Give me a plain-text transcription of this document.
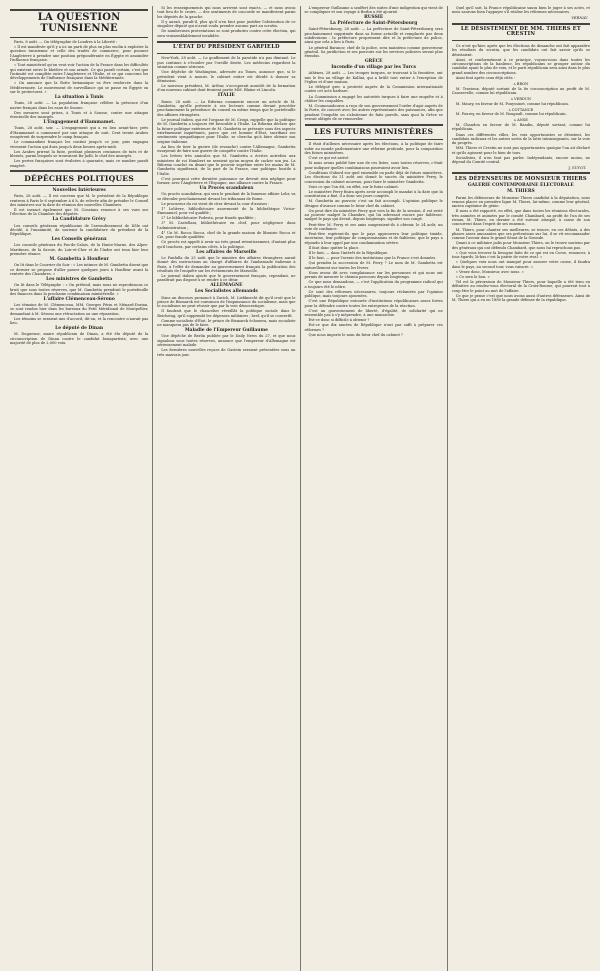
LA QUESTION TUNISIENNE

Paris, 8 août. — On télégraphie de Londres à la Liberté :

« Il est manifeste qu'il y a ici un parti de plus en plus enclin à exploiter la question tunisienne et celle des traités de commerce, pour pousser l'Angleterre à prendre une position prépondérante en Égypte et amoindrir l'influence française.

« Tout ministériel qu'on veut voir l'action de la France dans les difficultés qui existent entre le khédive et son armée. Ce qui paraît certain, c'est que l'intimité est complète entre l'Angleterre et l'Italie, et ce qui concerne les développements de l'influence française dans la Méditerranée.

« On annonce que la flotte britannique va être renforcée dans la Méditerranée. Le mouvement de surveillance qui se passe en Égypte ou sur le protectorat. »

La situation à Tunis

Tunis, 28 août. — La population française célèbre la présence d'un navire français dans les eaux de Sousse.

Des mesures sont prises, à Tunis et à Sousse, contre une attaque éventuelle des insurgés.

L'Engagement d'Hammamet.

Tunis, 28 août, soir. — L'engagement qui a eu lieu avant-hier, près d'Hammamet a commencé par une attaque de nuit. Cent trente Arabes essayèrent de surprendre le camp français.

Le commandant français les contint jusqu'à ce jour, puis engagea vivement l'action qui dura jusqu'à deux heures après-midi.

Les Arabes prirent la fuite, perdant plusieurs centaines de tués et de blessés, parmi lesquels se trouvaient Ba-Jadli, le chef des insurgés.

Les pertes françaises sont évaluées à quarante, mais ce nombre paraît exagéré.

DÉPÊCHES POLITIQUES
Nouvelles Intérieures

Paris, 28 août. — Il est convenu que M. le président de la République rentrera à Paris le 6 septembre à 6 h. de relevée afin de présider le Conseil des ministres sur la date de réunion des nouvelles Chambres.

Il est inexact également que M. Constans renonce à ses vues sur l'élection de la Chambre des députés.

La Candidature Grévy

Les conseils généraux républicains de l'arrondissement de Dôle ont décidé, à l'unanimité, de soutenir la candidature du président de la République.

Les Conseils généraux

Les conseils généraux du Pas-de-Calais, de la Haute-Marne, des Alpes-Maritimes, de la Savoie, du Loir-et-Cher et de l'Indre ont tenu hier leur première séance.

M. Gambetta à Honfleur

On lit dans le Courrier du Soir : « Les intimes de M. Gambetta disent que ce dernier se propose d'aller passer quelques jours à Honfleur avant la rentrée des Chambres. »

Les ministres de Gambetta

On lit dans le Télégraphe : « On prétend, mais nous ne reproduisons ce bruit que sous toutes réserves, que M. Gambetta prendrait le portefeuille des finances dans la prochaine combinaison ministérielle. »

L'affaire Clémenceau-Sérono

Les témoins de M. Clémenceau, MM. Georges Périn et Ménard-Dorian, se sont rendus hier dans les bureaux du Petit Méridional de Montpellier, demandant à M. Sérono une rétractation ou une réparation.

Les témoins se seraient mis d'accord, dit-on, et la rencontre n'aurait pas lieu.

Le député de Dinan

M. Duguesne, maire républicain de Dinan, a été élu député de la circonscription de Dinan contre le candidat bonapartiste, avec une majorité de plus de 2,000 voix.

Si les renseignements qui nous arrivent sont exacts, — et nous avons tout lieu de le croire, — des sentiments de concorde se manifestent parmi les députés de la gauche.

Il y aurait, paraît-il, plus qu'il n'en faut pour justifier l'abstention de ce singulier député qui n'avait voulu prendre aucune part au scrutin.

De nombreuses protestations se sont produites contre cette élection, qui sera vraisemblablement invalidée.

L'ÉTAT DU PRÉSIDENT GARFIELD

New-York, 28 août. — Le gonflement de la parotide n'a pas diminué. Le pus continue à s'écouler par l'oreille droite. Les médecins regardent la situation comme sérieuse.

Une dépêche de Washington, adressée au Times, annonce que, si le président vient à mourir, le cabinet entier est décidé à donner sa démission.

Le nouveau président, M. Arthur, s'occuperait aussitôt de la formation d'un nouveau cabinet dont feraient partie MM. Blaine et Lincoln.

ITALIE

Rome, 28 août. — La Riforma commente encore un article de M. Gambetta, qu'elle présente à ses lecteurs comme devant procéder prochainement la présidence du conseil en même temps que le portefeuille des affaires étrangères.

Le journal italien, qui est l'organe de M. Crispi, rappelle que la politique de M. Gambetta a toujours été favorable à l'Italie. La Riforma déclare que la future politique extérieure de M. Gambetta se présente sous des aspects extrêmement inquiétants, parce que cet homme d'État, sacrifiant ses sentiments sympathiques pour l'Italie, se chercha qu'à faire obtenir son origine italienne.

Au lieu de tirer la guerre (de revanche) contre l'Allemagne, Gambetta essayerait de faire une guerre de conquête contre l'Italie.

Les lettres très amicales que M. Gambetta a écrites autrefois aux ministres de roi Humbert ne seraient qu'un moyen de cacher son jeu. La Riforma conclut en disant que le pouvoir suprême entre les mains de M. Gambetta signifierait, de la part de la France, une politique hostile à l'Italie.

C'est pourquoi cette dernière puissance ne devrait rien négliger pour former, avec l'Angleterre et l'Espagne, une alliance contre la France.

Un Procès scandaleux

Un procès scandaleux, qui sera le pendant de la fameuse affaire Lebr, va se dérouler prochainement devant les tribunaux de Rome.

Le procureur du roi vient de citer devant la cour d'assises :

1° Lelièvre, bibliothécaire assermenté de la bibliothèque Victor-Emmanuel, pour vol qualifié ;

2° Le bibliothécaire Podesta, pour fraude qualifiée ;

3° M. Castellani, bibliothécaire en chef, pour négligence dans l'administration ;

4° Un M. Rocca Rocca, chef de la grande maison de librairie Rocca et Cie, pour fraude qualifiée.

Ce procès est appelé à avoir un très grand retentissement, d'autant plus qu'il touchera, par certains côtés, à la politique.

Les affaires de Marseille

Le Fanfulla du 25 août que le ministre des affaires étrangères aurait donné des instructions au chargé d'affaires de l'ambassade italienne à Paris, à l'effet de demander au gouvernement français la publication des résultats de l'enquête sur les événements de Marseille.

Le journal italien ajoute que le gouvernement français, cependant, ne paraîtrait pas disposé à se rendre à ce désir.

ALLEMAGNE
Les Socialistes allemands

Dans un discours prononcé à Zurich, M. Liebknecht dit qu'il croit que le prince de Bismarck est convaincu de l'impuissance du socialisme, mais que le socialisme ne peut réussir que par la voie démocratique.

Il faudrait que le chancelier réveillât la politique sociale dans le Reichstag, qu'il supprimât les dépenses militaires ; bref, qu'il se convertît.

Comme socialiste d'État, le prince de Bismarck échouera, mais socialiste ne manquera pas de le faire.

Maladie de l'Empereur Guillaume

Une dépêche de Berlin publiée par le Daily News du 27, et que nous signalons sous toutes réserves, annonce que l'empereur d'Allemagne est sérieusement malade.

Les dernières nouvelles reçues de Gastein seraient présentées sous un très mauvais jour.

L'empereur Guillaume a souffert des suites d'une indigestion qui vient de se compliquer et son voyage à Berlin a été ajourné.

RUSSIE
La Préfecture de Saint-Pétersbourg

Saint-Pétersbourg, 28 août. — La préfecture de Saint-Pétersbourg sera prochainement supprimée dans sa forme actuelle et remplacée par deux subdivisions : la préfecture proprement dite et la préfecture de police, ainsi que cela a lieu à Paris.

Le général Baranov, chef de la police, sera maintenu comme gouverneur général. Sa juridiction et ses pouvoirs sur les services policiers seront plus étendus.

GRÈCE
Incendie d'un village par les Turcs

Athènes, 28 août. — Les troupes turques, se trouvant à la frontière, ont mis le feu au village de Kalliai, qui a brûlé tout entier à l'exception de l'église et d'une maison.

Le délégué grec a protesté auprès de la Commission internationale contre cet acte barbare.

La Commission a engagé les autorités turques à faire une enquête et à châtier les coupables.

M. Coumoundouros a reçu de son gouvernement l'ordre d'agir auprès de la Porte, de concert avec les autres représentants des puissances, afin que pendant l'enquête on s'abstienne de faits pareils, sans quoi la Grèce se verrait obligée de se renouveler.

LES FUTURS MINISTÈRES

Il était d'ailleurs nécessaire après les élections, à la politique de faire subir au monde parlementaire une réforme profonde, pour la composition des futurs ministères.

C'est ce qui est arrivé.

Si nous avons publié hier une de ces listes, sous toutes réserves, c'était pour indiquer quelles combinaisons pourraient avoir lieu.

Conditions d'abord sur quel ensemble on parle déjà de futurs ministères. Les élections du 21 août ont donné le succès du ministère Ferry, le concession du cabinet nouveau, pour faire le ministère Gambetta.

Voici ce que l'on dit, en effet, sur le futur cabinet.

Le ministère Ferry finira après avoir accompli le mandat à la date que la constitution a fixé, il a donc ses jours comptés.

M. Gambetta au pouvoir, c'est un fait accompli. L'opinion publique le désigne d'avance comme le futur chef du cabinet.

On peut dire du ministère Ferry que vers la fin de la session, il est resté au pouvoir malgré la Chambre, qui lui adressait encore par faiblesse, malgré le pays qui devait, depuis longtemps, signifier son congé.

Peut-être M. Ferry et ses amis songeraient-ils à obtenir, le 24 août, un vote de confiance.

Peut-être espèrent-ils que le pays approuvera leur politique timide, incertaine, leur politique de compromissions et de faiblesse, que le pays a répondu à leur appel par une condamnation sévère.

Il faut donc quitter la place.

Il le faut, — dans l'intérêt de la République.

Il le faut, — pour l'avenir des institutions que la France s'est données.

Qui prendra la succession de M. Ferry ? Le nom de M. Gambetta est naturellement sur toutes les lèvres.

Nous avons dit avec complaisance sur les personnes et qui nous ont permis de mesurer le chemin parcouru depuis longtemps.

Ce que nous demandons, — c'est l'application du programme radical qui a toujours été le nôtre.

Ce sont des réformes nécessaires, toujours réclamées par l'opinion publique, mais toujours ajournées.

C'est une République entourée d'institutions républicaines assez fortes pour la défendre contre toutes les entreprises de la réaction.

C'est un gouvernement de liberté, d'égalité, de solidarité qui ne ressemble pas à s'y méprendre, à une monarchie.

Est-ce donc si difficile à obtenir ?

Est-ce que dix années de République n'ont pas suffi à préparer ces réformes ?

Que nous importe le nom du futur chef du cabinet ?

Quel qu'il soit, la France républicaine saura bien le juger à ses actes, et nous saurons bien l'appuyer s'il réalise les réformes nécessaires.

VERNAY.
LE DÉSISTEMENT DE MM. THIERS ET CRESTIN

Ce n'est qu'hier, après que les élections de dimanche ont fait apparaître les résultats du scrutin, que les candidats ont fait savoir qu'ils se désistaient.

Ainsi, et conformément à ce principe, voyons-nous dans toutes les circonscriptions de la banlieue, les républicains se grouper autour du candidat ayant le plus de voix, et le parti républicain sera ainsi dans le plus grand nombre des circonscriptions.

Ainsi font après ceux déjà cités :

à BRON

M. Travieux, député sortant de la 8e circonscription au profit de M. Caussevelle, comme lui républicain.

à VERDUN

M. Maury, en faveur de M. Pouyssinet, comme lui républicain.

à COTTANCE

M. Fourey, en faveur de M. Rougault, comme lui républicain.

à ANSE

M. Chandon en faveur de M. Bandin, député sortant, comme lui républicain.

Dans ces différentes villes, les voix opportunistes se désistent, les candidats radicaux et les autres sortis de la lutte intransigeants, sur la voie du progrès.

MM. Thiers et Crestin ne sont pas opportunistes quoique l'un ait déclaré et qu'ils agissent pour le bien de tous.

Socialistes, il n'en faut pas parler. Indépendants, encore moins, ne dépend du Comité central.

J. GUYOT.
LES DÉFENSEURS DE MONSIEUR THIERS
GALERIE CONTEMPORAINE ÉLECTORALE
M. THIERS

Parmi les défenseurs de Monsieur Thiers candidat à la députation, nous venons placer en première ligne M. Thiers, lui-même, comme leur général, ancien capitaine de génie.

Il nous a été rapporté, en effet, que dans toutes les réunions électorales, très animées et animées par le comité Chambard, au profit de l'un de ses rivaux, M. Thiers, en dernier a été surtout attaqué, à cause de son concurrent dans l'esprit de ses ennemis.

M. Thiers, pour chanter ses meilleures, se trouve, en ces débats, a des phases assez amusantes que ses prétentions sur lui, il se vit recommander comme l'avenir dans le grand Sénat de la Gironde.

Quant à ce militaire jadis pour Monsieur Thiers, on le trouve soutenu par des généraux qui ont défendu Chambard, que nous lui reprochons pas.

« Que vous trouvez la besogne faite de ce qui est en Corse, renoncez, à tous égards, là-bas c'est la patrie de votre rival. »

« Quelques voix nous ont manqué pour assurer votre cause, il faudra dans le pays, au second tour, vous vaincre. »

« Venez donc, Monsieur, avec nous. »

« Ce sera le bon. »

Tel est la péroraison de Monsieur Thiers, pour laquelle a été tenu en définitive au rendez-vous électoral de la Croix-Rousse, qui pourrait tout à coup être le point au mot de l'affaire.

Ce que je pense c'est que nous avons aussi d'autres défenseurs. Ainsi de M. Thiers qui a eu en 1880 la grande défense de la république.
